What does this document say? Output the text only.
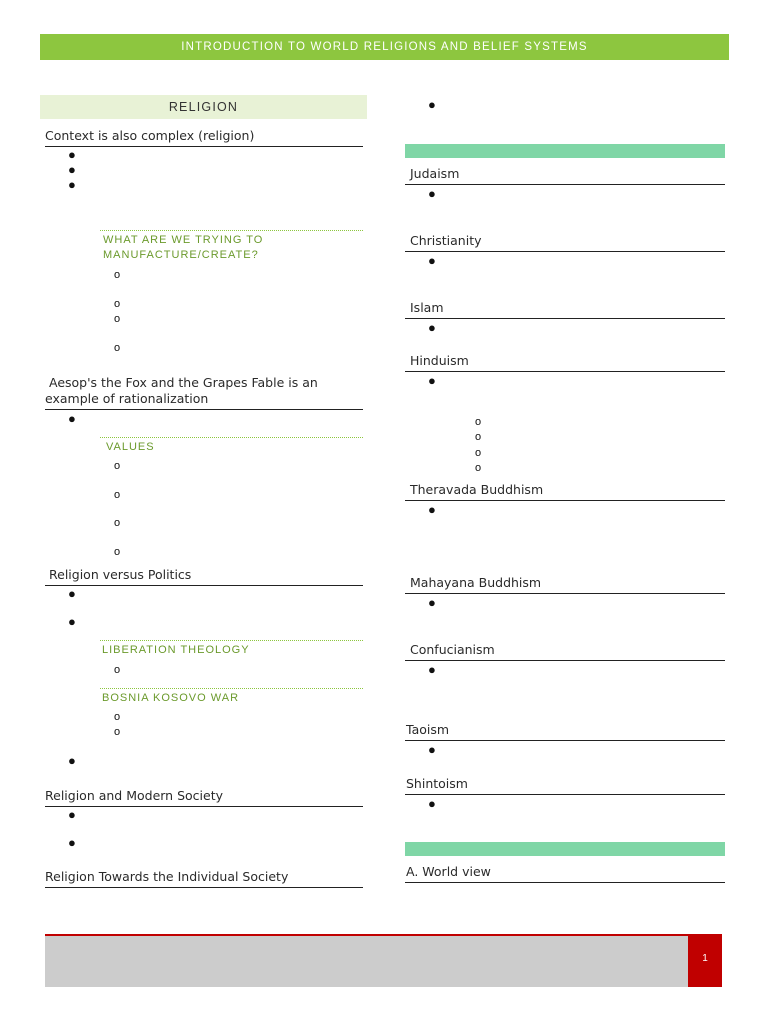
INTRODUCTION TO WORLD RELIGIONS AND BELIEF SYSTEMS
RELIGION
Context is also complex (religion)
●
●
●
WHAT ARE WE TRYING TO MANUFACTURE/CREATE?
o
o
o
o
Aesop's the Fox and the Grapes Fable is an example of rationalization
●
VALUES
o
o
o
o
Religion versus Politics
●
●
LIBERATION THEOLOGY
o
BOSNIA KOSOVO WAR
o
o
●
Religion and Modern Society
●
●
Religion Towards the Individual Society
●
Judaism
●
Christianity
●
Islam
●
Hinduism
●
o
o
o
o
Theravada Buddhism
●
Mahayana Buddhism
●
Confucianism
●
Taoism
●
Shintoism
●
A. World view
1
